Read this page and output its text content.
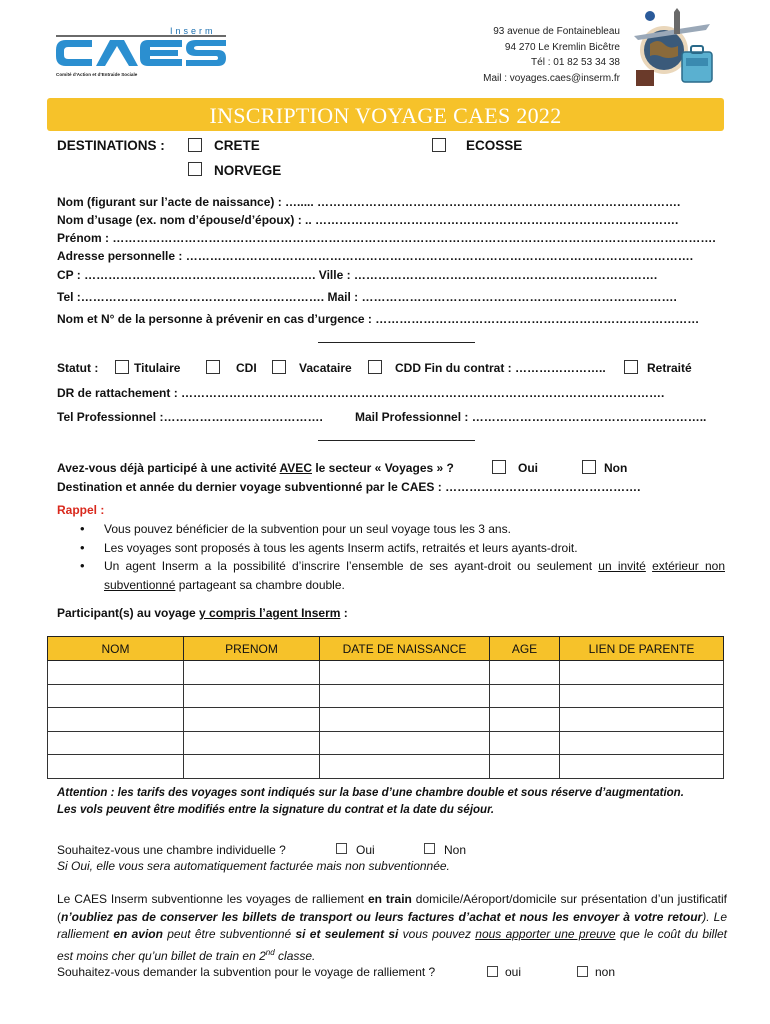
Inserm
Comité d'Action et d'Entraide Sociale
93 avenue de Fontainebleau
94 270 Le Kremlin Bicêtre
Tél : 01 82 53 34 38
Mail : voyages.caes@inserm.fr
INSCRIPTION VOYAGE CAES 2022
DESTINATIONS :	CRETE	ECOSSE
NORVEGE
Nom (figurant sur l’acte de naissance) : …..... ……………………………………………………………………………….
Nom d’usage (ex. nom d’épouse/d’époux) : .. ……………………………………………………………………………….
Prénom : …………………………………………………………………………………………………………………………………….
Adresse personnelle : ……………………………………………………………………………………………………………….
CP : …………………………………………………. Ville : ………………………………………………………………….
Tel :……………………………………………………. Mail : …………………………………………………………………….
Nom et N° de la personne à prévenir en cas d’urgence : ………………………………………………………………………
Statut :	Titulaire	CDI	Vacataire	CDD Fin du contrat : …………………..	Retraité
DR de rattachement : ………………………………………………………………………………………………………….
Tel Professionnel :………………………………….	Mail Professionnel : …………………………………………………..
Avez-vous déjà participé à une activité AVEC le secteur « Voyages » ?	Oui	Non
Destination et année du dernier voyage subventionné par le CAES : ………………………………………….
Rappel :
• Vous pouvez bénéficier de la subvention pour un seul voyage tous les 3 ans.
• Les voyages sont proposés à tous les agents Inserm actifs, retraités et leurs ayants-droit.
• Un agent Inserm a la possibilité d’inscrire l’ensemble de ses ayant-droit ou seulement un invité extérieur non subventionné partageant sa chambre double.
Participant(s) au voyage y compris l’agent Inserm :
NOM	PRENOM	DATE DE NAISSANCE	AGE	LIEN DE PARENTE

Attention : les tarifs des voyages sont indiqués sur la base d’une chambre double et sous réserve d’augmentation.
Les vols peuvent être modifiés entre la signature du contrat et la date du séjour.
Souhaitez-vous une chambre individuelle ?	Oui	Non
Si Oui, elle vous sera automatiquement facturée mais non subventionnée.
Le CAES Inserm subventionne les voyages de ralliement en train domicile/Aéroport/domicile sur présentation d’un justificatif (n’oubliez pas de conserver les billets de transport ou leurs factures d’achat et nous les envoyer à votre retour). Le ralliement en avion peut être subventionné si et seulement si vous pouvez nous apporter une preuve que le coût du billet est moins cher qu’un billet de train en 2nd classe.
Souhaitez-vous demander la subvention pour le voyage de ralliement ?	oui	non
